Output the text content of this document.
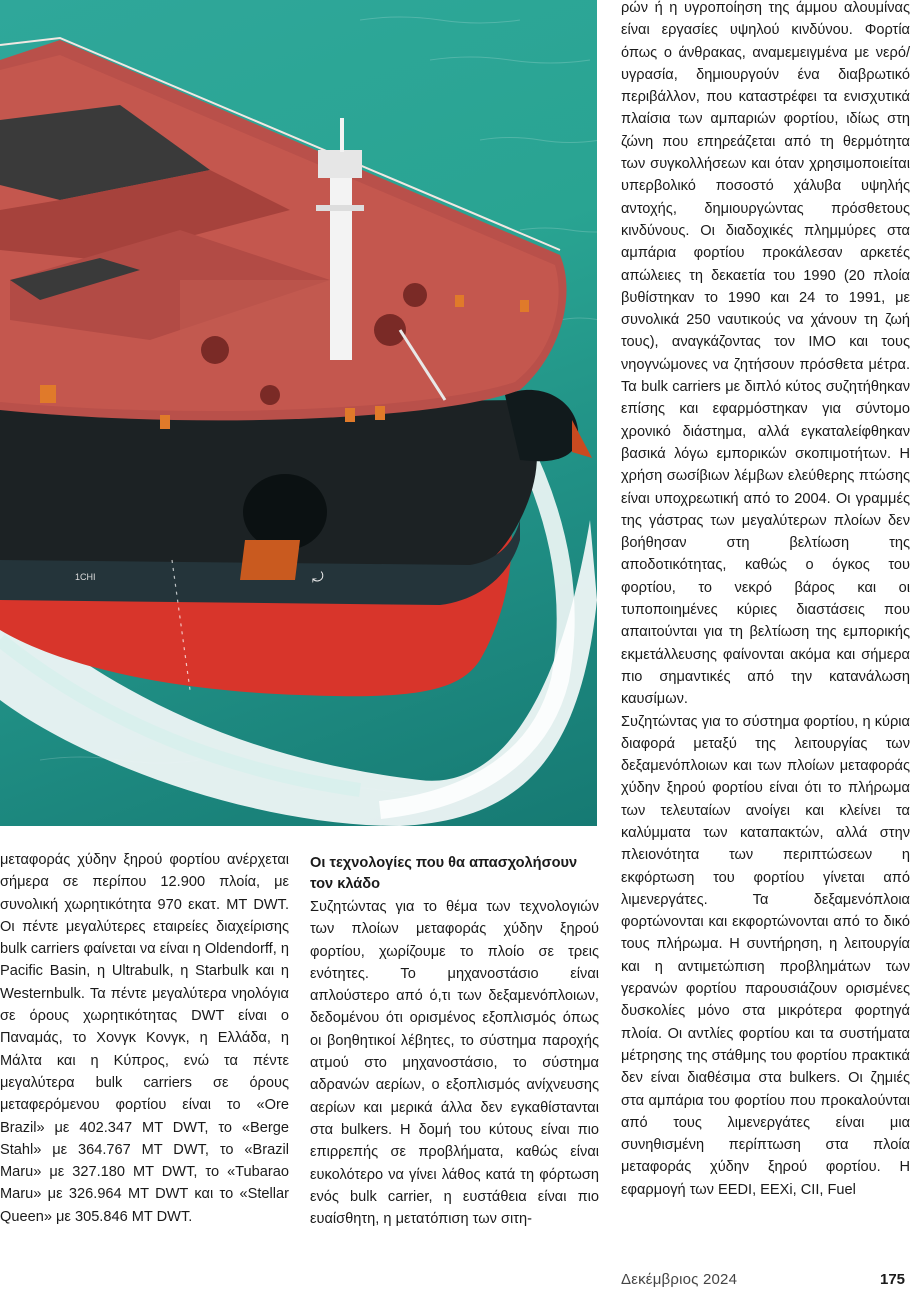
1CHI	⤾

μεταφοράς χύδην ξηρού φορτίου ανέρχεται σήμερα σε περίπου 12.900 πλοία, με συνολική χωρητικότητα 970 εκατ. MT DWT. Οι πέντε μεγαλύτερες εταιρείες διαχείρισης bulk carriers φαίνεται να είναι η Oldendorff, η Pacific Basin, η Ultrabulk, η Starbulk και η Westernbulk. Τα πέντε μεγαλύτερα νηολόγια σε όρους χωρητικότητας DWT είναι ο Παναμάς, το Χονγκ Κονγκ, η Ελλάδα, η Μάλτα και η Κύπρος, ενώ τα πέντε μεγαλύτερα bulk carriers σε όρους μεταφερόμενου φορτίου είναι το «Ore Brazil» με 402.347 MT DWT, το «Berge Stahl» με 364.767 MT DWT, το «Brazil Maru» με 327.180 MT DWT, το «Tubarao Maru» με 326.964 MT DWT και το «Stellar Queen» με 305.846 MT DWT.

Οι τεχνολογίες που θα απασχολήσουν τον κλάδο

Συζητώντας για το θέμα των τεχνολογιών των πλοίων μεταφοράς χύδην ξηρού φορτίου, χωρίζουμε το πλοίο σε τρεις ενότητες. Το μηχανοστάσιο είναι απλούστερο από ό,τι των δεξαμενόπλοιων, δεδομένου ότι ορισμένος εξοπλισμός όπως οι βοηθητικοί λέβητες, το σύστημα παροχής ατμού στο μηχανοστάσιο, το σύστημα αδρανών αερίων, ο εξοπλισμός ανίχνευσης αερίων και μερικά άλλα δεν εγκαθίστανται στα bulkers. Η δομή του κύτους είναι πιο επιρρεπής σε προβλήματα, καθώς είναι ευκολότερο να γίνει λάθος κατά τη φόρτωση ενός bulk carrier, η ευστάθεια είναι πιο ευαίσθητη, η μετατόπιση των σιτη-

ρών ή η υγροποίηση της άμμου αλουμίνας είναι εργασίες υψηλού κινδύνου. Φορτία όπως ο άνθρακας, αναμεμειγμένα με νερό/υγρασία, δημιουργούν ένα διαβρωτικό περιβάλλον, που καταστρέφει τα ενισχυτικά πλαίσια των αμπαριών φορτίου, ιδίως στη ζώνη που επηρεάζεται από τη θερμότητα των συγκολλήσεων και όταν χρησιμοποιείται υπερβολικό ποσοστό χάλυβα υψηλής αντοχής, δημιουργώντας πρόσθετους κινδύνους. Οι διαδοχικές πλημμύρες στα αμπάρια φορτίου προκάλεσαν αρκετές απώλειες τη δεκαετία του 1990 (20 πλοία βυθίστηκαν το 1990 και 24 το 1991, με συνολικά 250 ναυτικούς να χάνουν τη ζωή τους), αναγκάζοντας τον IMO και τους νηογνώμονες να ζητήσουν πρόσθετα μέτρα. Τα bulk carriers με διπλό κύτος συζητήθηκαν επίσης και εφαρμόστηκαν για σύντομο χρονικό διάστημα, αλλά εγκαταλείφθηκαν βασικά λόγω εμπορικών σκοπιμοτήτων. Η χρήση σωσίβιων λέμβων ελεύθερης πτώσης είναι υποχρεωτική από το 2004. Οι γραμμές της γάστρας των μεγαλύτερων πλοίων δεν βοήθησαν στη βελτίωση της αποδοτικότητας, καθώς ο όγκος του φορτίου, το νεκρό βάρος και οι τυποποιημένες κύριες διαστάσεις που απαιτούνται για τη βελτίωση της εμπορικής εκμετάλλευσης φαίνονται ακόμα και σήμερα πιο σημαντικές από την κατανάλωση καυσίμων.

Συζητώντας για το σύστημα φορτίου, η κύρια διαφορά μεταξύ της λειτουργίας των δεξαμενόπλοιων και των πλοίων μεταφοράς χύδην ξηρού φορτίου είναι ότι το πλήρωμα των τελευταίων ανοίγει και κλείνει τα καλύμματα των καταπακτών, αλλά στην πλειονότητα των περιπτώσεων η εκφόρτωση του φορτίου γίνεται από λιμενεργάτες. Τα δεξαμενόπλοια φορτώνονται και εκφορτώνονται από το δικό τους πλήρωμα. Η συντήρηση, η λειτουργία και η αντιμετώπιση προβλημάτων των γερανών φορτίου παρουσιάζουν ορισμένες δυσκολίες μόνο στα μικρότερα φορτηγά πλοία. Οι αντλίες φορτίου και τα συστήματα μέτρησης της στάθμης του φορτίου πρακτικά δεν είναι διαθέσιμα στα bulkers. Οι ζημιές στα αμπάρια του φορτίου που προκαλούνται από τους λιμενεργάτες είναι μια συνηθισμένη περίπτωση στα πλοία μεταφοράς χύδην ξηρού φορτίου. Η εφαρμογή των EEDI, EEXi, CII, Fuel

Δεκέμβριος 2024	175
